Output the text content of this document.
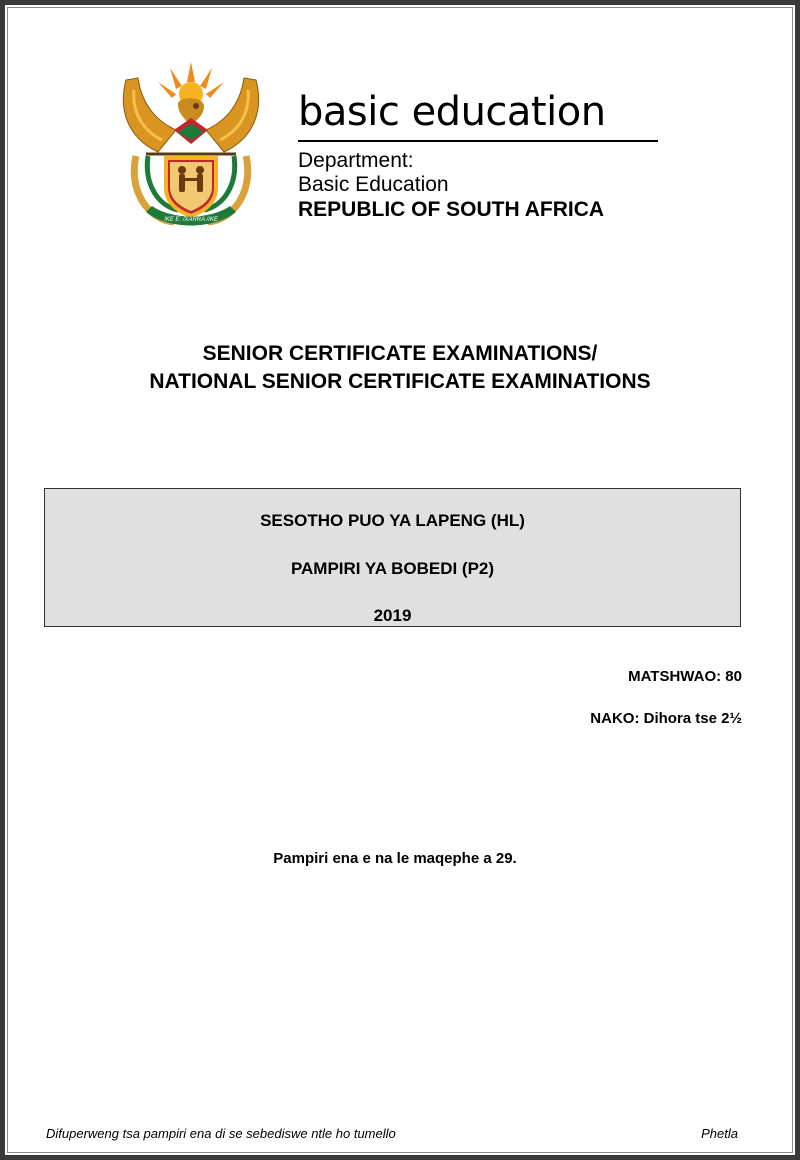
!KE E: /XARRA //KE
basic education
Department:
Basic Education
REPUBLIC OF SOUTH AFRICA
SENIOR CERTIFICATE EXAMINATIONS/
NATIONAL SENIOR CERTIFICATE EXAMINATIONS
SESOTHO PUO YA LAPENG (HL)
PAMPIRI YA BOBEDI (P2)
2019
MATSHWAO: 80
NAKO: Dihora tse 2½
Pampiri ena e na le maqephe a 29.
Difuperweng tsa pampiri ena di se sebediswe ntle ho tumello	Phetla
